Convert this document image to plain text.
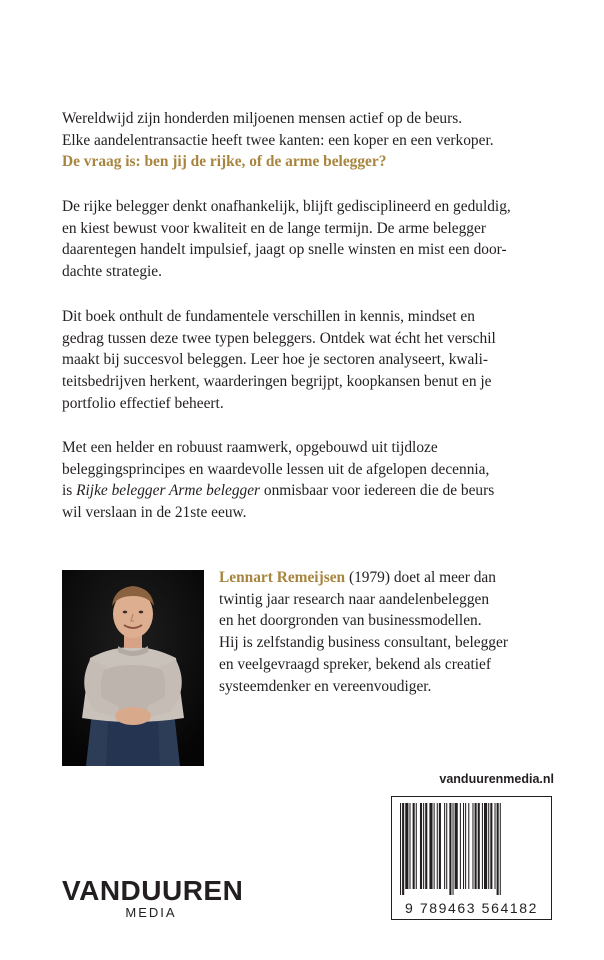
Wereldwijd zijn honderden miljoenen mensen actief op de beurs.
Elke aandelentransactie heeft twee kanten: een koper en een verkoper.
De vraag is: ben jij de rijke, of de arme belegger?

De rijke belegger denkt onafhankelijk, blijft gedisciplineerd en geduldig,
en kiest bewust voor kwaliteit en de lange termijn. De arme belegger
daarentegen handelt impulsief, jaagt op snelle winsten en mist een door-
dachte strategie.

Dit boek onthult de fundamentele verschillen in kennis, mindset en
gedrag tussen deze twee typen beleggers. Ontdek wat écht het verschil
maakt bij succesvol beleggen. Leer hoe je sectoren analyseert, kwali-
teitsbedrijven herkent, waarderingen begrijpt, koopkansen benut en je
portfolio effectief beheert.

Met een helder en robuust raamwerk, opgebouwd uit tijdloze
beleggingsprincipes en waardevolle lessen uit de afgelopen decennia,
is Rijke belegger Arme belegger onmisbaar voor iedereen die de beurs
wil verslaan in de 21ste eeuw.

Lennart Remeijsen (1979) doet al meer dan
twintig jaar research naar aandelenbeleggen
en het doorgronden van businessmodellen.
Hij is zelfstandig business consultant, belegger
en veelgevraagd spreker, bekend als creatief
systeemdenker en vereenvoudiger.

vanduurenmedia.nl
9 789463 564182
VANDUUREN
MEDIA
